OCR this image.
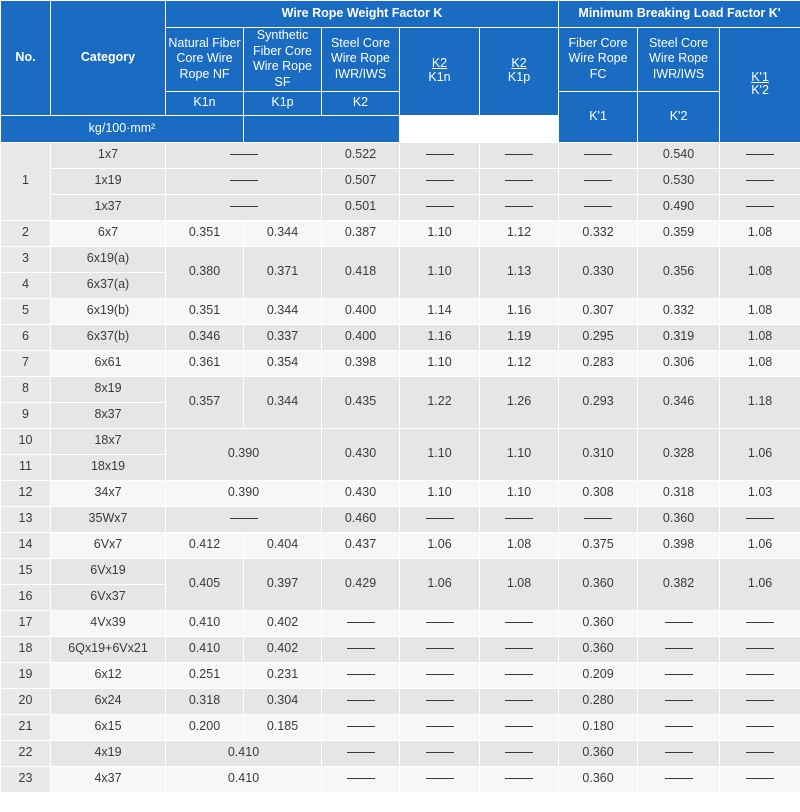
No.	Category	Wire Rope Weight Factor K					Minimum Breaking Load Factor K'		
		Natural Fiber Core Wire Rope NF	Synthetic Fiber Core Wire Rope SF	Steel Core Wire Rope IWR/IWS	$\frac{K2}{K1n}$	$\frac{K2}{K1p}$	Fiber Core Wire Rope FC	Steel Core Wire Rope IWR/IWS	$\frac{K'1}{K'2}$

		K1n	K1p	K2			K'1	K'2	
kg/100·mm²									
1	1x7			0.522				0.540	
	1x19			0.507				0.530	
	1x37			0.501				0.490	
2	6x7	0.351	0.344	0.387	1.10	1.12	0.332	0.359	1.08
3	6x19(a)	0.380	0.371	0.418	1.10	1.13	0.330	0.356	1.08
4	6x37(a)								
5	6x19(b)	0.351	0.344	0.400	1.14	1.16	0.307	0.332	1.08
6	6x37(b)	0.346	0.337	0.400	1.16	1.19	0.295	0.319	1.08
7	6x61	0.361	0.354	0.398	1.10	1.12	0.283	0.306	1.08
8	8x19	0.357	0.344	0.435	1.22	1.26	0.293	0.346	1.18
9	8x37								
10	18x7	0.390		0.430	1.10	1.10	0.310	0.328	1.06
11	18x19								
12	34x7	0.390		0.430	1.10	1.10	0.308	0.318	1.03
13	35Wx7			0.460				0.360	
14	6Vx7	0.412	0.404	0.437	1.06	1.08	0.375	0.398	1.06
15	6Vx19	0.405	0.397	0.429	1.06	1.08	0.360	0.382	1.06
16	6Vx37								
17	4Vx39	0.410	0.402				0.360		
18	6Qx19+6Vx21	0.410	0.402				0.360		
19	6x12	0.251	0.231				0.209		
20	6x24	0.318	0.304				0.280		
21	6x15	0.200	0.185				0.180		
22	4x19	0.410					0.360		
23	4x37	0.410					0.360		
